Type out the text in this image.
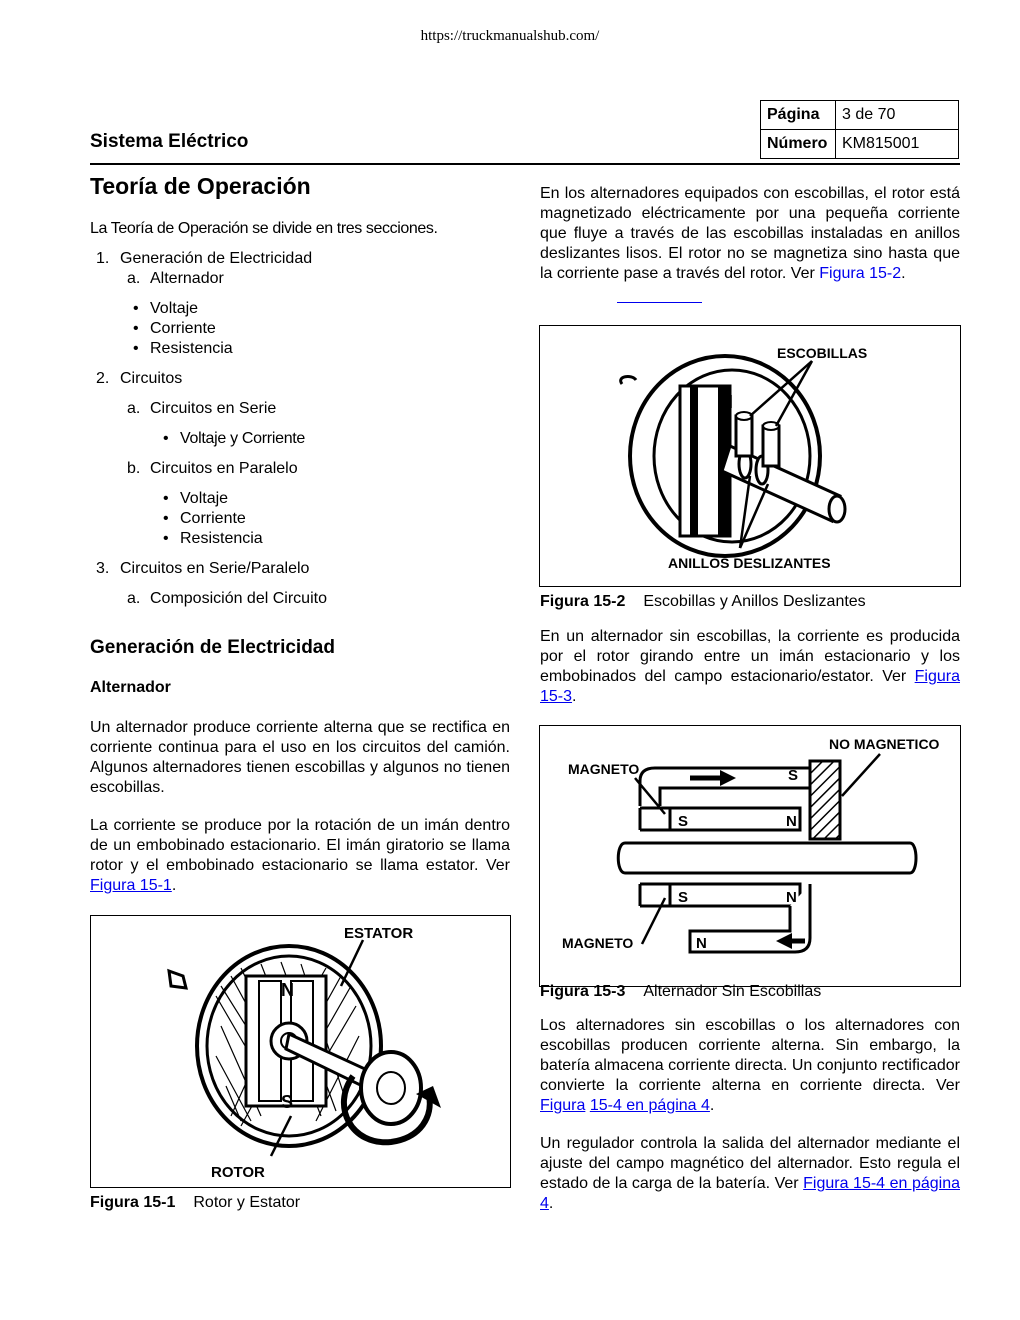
https://truckmanualshub.com/
Página	3 de 70
Número	KM815001
Sistema Eléctrico
Teoría de Operación
La Teoría de Operación se divide en tres secciones.
1. Generación de Electricidad
a. Alternador
• Voltaje
• Corriente
• Resistencia
2. Circuitos
a. Circuitos en Serie
• Voltaje y Corriente
b. Circuitos en Paralelo
• Voltaje
• Corriente
• Resistencia
3. Circuitos en Serie/Paralelo
a. Composición del Circuito
Generación de Electricidad
Alternador
Un alternador produce corriente alterna que se rectifica en corriente continua para el uso en los circuitos del camión. Algunos alternadores tienen escobillas y algunos no tienen escobillas.
La corriente se produce por la rotación de un imán dentro de un embobinado estacionario. El imán giratorio se llama rotor y el embobinado estacionario se llama estator. Ver Figura 15-1.
N
S
ESTATOR
ROTOR
Figura 15-1 Rotor y Estator
En los alternadores equipados con escobillas, el rotor está magnetizado eléctricamente por una pequeña corriente que fluye a través de las escobillas instaladas en anillos deslizantes lisos. El rotor no se magnetiza sino hasta que la corriente pase a través del rotor. Ver Figura 15-2.
N
S
ESCOBILLAS
ANILLOS DESLIZANTES
Figura 15-2 Escobillas y Anillos Deslizantes
En un alternador sin escobillas, la corriente es producida por el rotor girando entre un imán estacionario y los embobinados del campo estacionario/estator. Ver Figura 15-3.
S
S	N
S	N
N
NO MAGNETICO
MAGNETO
MAGNETO
Figura 15-3 Alternador Sin Escobillas
Los alternadores sin escobillas o los alternadores con escobillas producen corriente alterna. Sin embargo, la batería almacena corriente directa. Un conjunto rectificador convierte la corriente alterna en corriente directa. Ver Figura 15-4 en página 4.
Un regulador controla la salida del alternador mediante el ajuste del campo magnético del alternador. Esto regula el estado de la carga de la batería. Ver Figura 15-4 en página 4.
